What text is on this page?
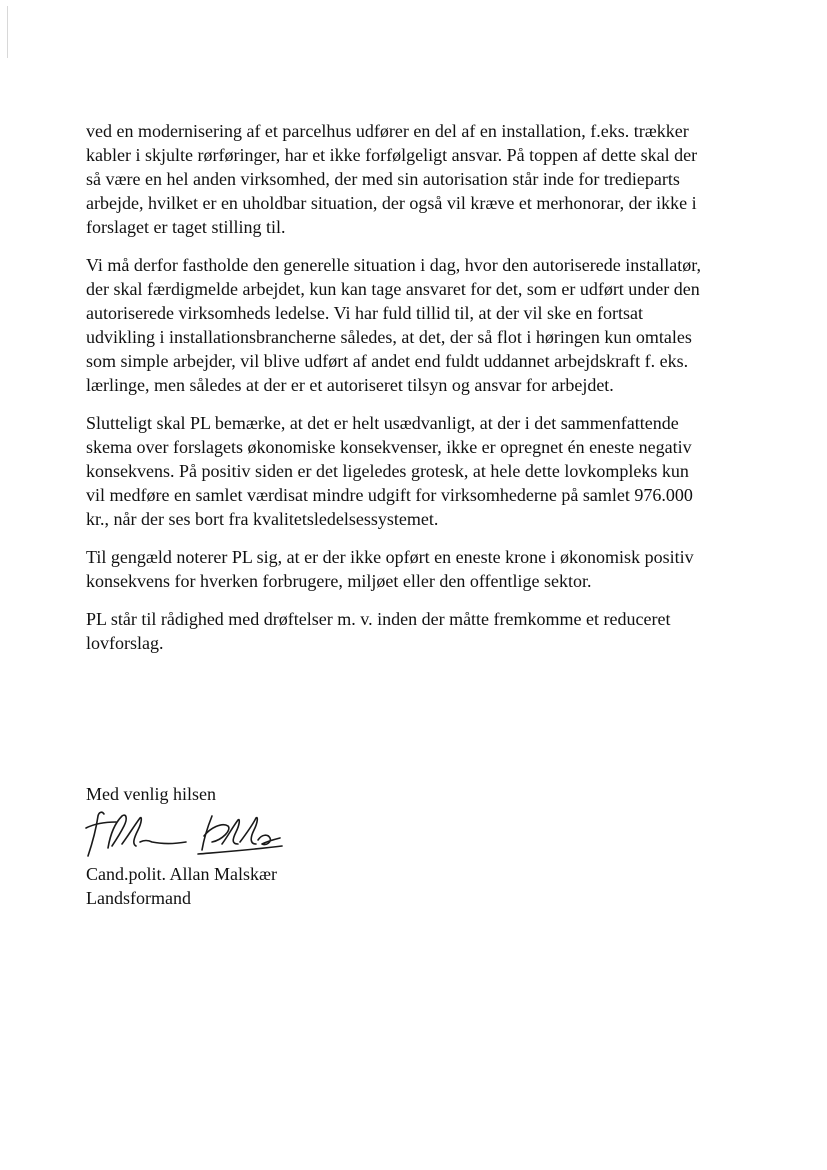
ved en modernisering af et parcelhus udfører en del af en installation, f.eks. trækker
kabler i skjulte rørføringer, har et ikke forfølgeligt ansvar. På toppen af dette skal der
så være en hel anden virksomhed, der med sin autorisation står inde for tredieparts
arbejde, hvilket er en uholdbar situation, der også vil kræve et merhonorar, der ikke i
forslaget er taget stilling til.

Vi må derfor fastholde den generelle situation i dag, hvor den autoriserede installatør,
der skal færdigmelde arbejdet, kun kan tage ansvaret for det, som er udført under den
autoriserede virksomheds ledelse. Vi har fuld tillid til, at der vil ske en fortsat
udvikling i installationsbrancherne således, at det, der så flot i høringen kun omtales
som simple arbejder, vil blive udført af andet end fuldt uddannet arbejdskraft f. eks.
lærlinge, men således at der er et autoriseret tilsyn og ansvar for arbejdet.

Slutteligt skal PL bemærke, at det er helt usædvanligt, at der i det sammenfattende
skema over forslagets økonomiske konsekvenser, ikke er opregnet én eneste negativ
konsekvens. På positiv siden er det ligeledes grotesk, at hele dette lovkompleks kun
vil medføre en samlet værdisat mindre udgift for virksomhederne på samlet 976.000
kr., når der ses bort fra kvalitetsledelsessystemet.

Til gengæld noterer PL sig, at er der ikke opført en eneste krone i økonomisk positiv
konsekvens for hverken forbrugere, miljøet eller den offentlige sektor.

PL står til rådighed med drøftelser m. v. inden der måtte fremkomme et reduceret
lovforslag.

Med venlig hilsen
Cand.polit. Allan Malskær
Landsformand
